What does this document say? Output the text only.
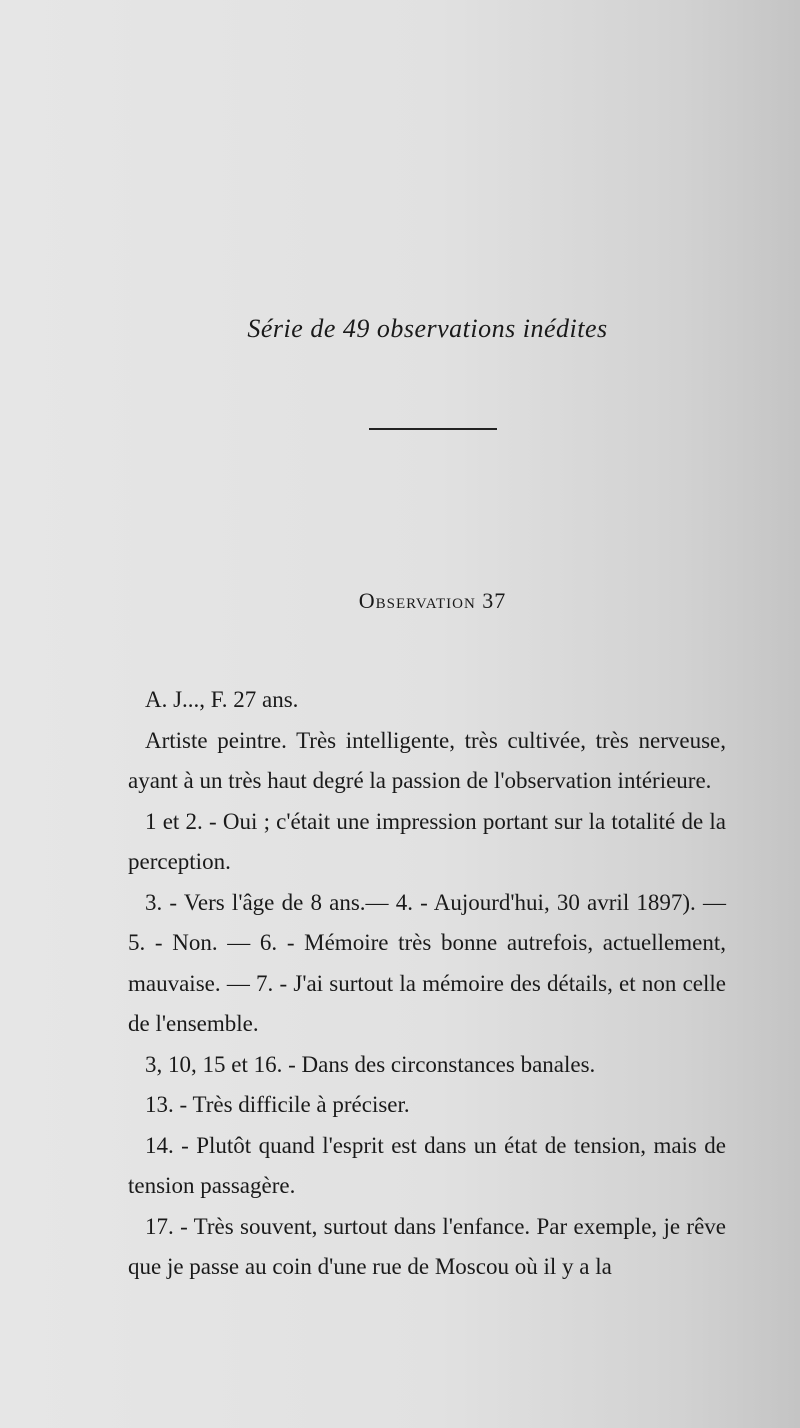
Série de 49 observations inédites
Observation 37

A. J..., F. 27 ans.

Artiste peintre. Très intelligente, très cultivée, très nerveuse, ayant à un très haut degré la passion de l'observation intérieure.

1 et 2. - Oui ; c'était une impression portant sur la totalité de la perception.

3. - Vers l'âge de 8 ans.— 4. - Aujourd'hui, 30 avril 1897). — 5. - Non. — 6. - Mémoire très bonne autrefois, actuellement, mauvaise. — 7. - J'ai surtout la mémoire des détails, et non celle de l'ensemble.

3, 10, 15 et 16. - Dans des circonstances banales.

13. - Très difficile à préciser.

14. - Plutôt quand l'esprit est dans un état de tension, mais de tension passagère.

17. - Très souvent, surtout dans l'enfance. Par exemple, je rêve que je passe au coin d'une rue de Moscou où il y a la
